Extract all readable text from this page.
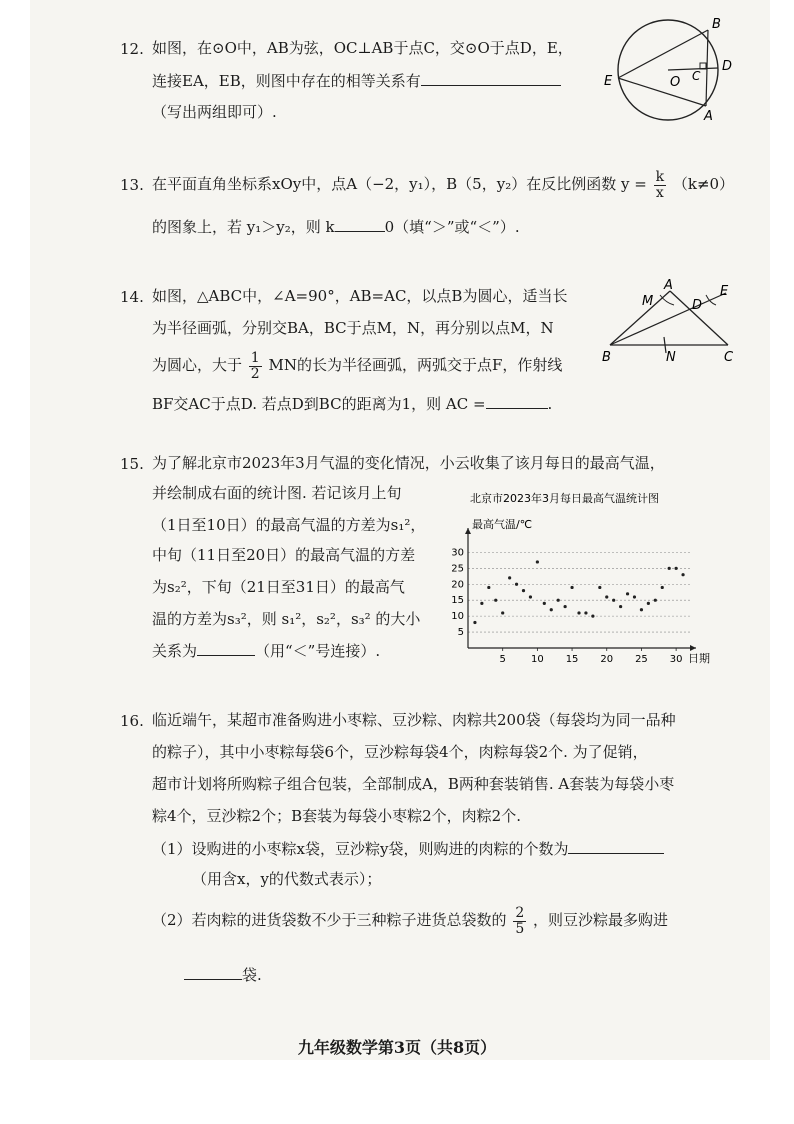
12. 如图，在⊙O中，AB为弦，OC⊥AB于点C，交⊙O于点D，E，
连接EA，EB，则图中存在的相等关系有
（写出两组即可）.
B
D
E	O C
A
13. 在平面直角坐标系xOy中，点A（−2，y₁），B（5，y₂）在反比例函数 $y = \frac{k}{x} (k\ne 0)$
的图象上，若 y₁＞y₂，则 k	0（填“＞”或“＜”）.
14. 如图，△ABC中，∠A=90°，AB=AC，以点B为圆心，适当长
为半径画弧，分别交BA，BC于点M，N，再分别以点M，N
为圆心，大于 $\frac{1}{2}$ MN的长为半径画弧，两弧交于点F，作射线
BF交AC于点D. 若点D到BC的距离为1，则 AC =	.
A
M	D
E
B	N	C
15. 为了解北京市2023年3月气温的变化情况，小云收集了该月每日的最高气温，
并绘制成右面的统计图. 若记该月上旬
（1日至10日）的最高气温的方差为s₁²，
中旬（11日至20日）的最高气温的方差
为s₂²，下旬（21日至31日）的最高气
温的方差为s₃²，则 s₁²，s₂²，s₃² 的大小
关系为	（用“＜”号连接）.
北京市2023年3月每日最高气温统计图
最高气温/℃
日期
5
10
15
20
25
30
5	10 15 20 25 30
16. 临近端午，某超市准备购进小枣粽、豆沙粽、肉粽共200袋（每袋均为同一品种
的粽子），其中小枣粽每袋6个，豆沙粽每袋4个，肉粽每袋2个. 为了促销，
超市计划将所购粽子组合包装，全部制成A，B两种套装销售. A套装为每袋小枣
粽4个，豆沙粽2个；B套装为每袋小枣粽2个，肉粽2个.
（1）设购进的小枣粽x袋，豆沙粽y袋，则购进的肉粽的个数为
（用含x，y的代数式表示）；
（2）若肉粽的进货袋数不少于三种粽子进货总袋数的 $\frac{2}{5}$ ，则豆沙粽最多购进
袋.
九年级数学第3页（共8页）
